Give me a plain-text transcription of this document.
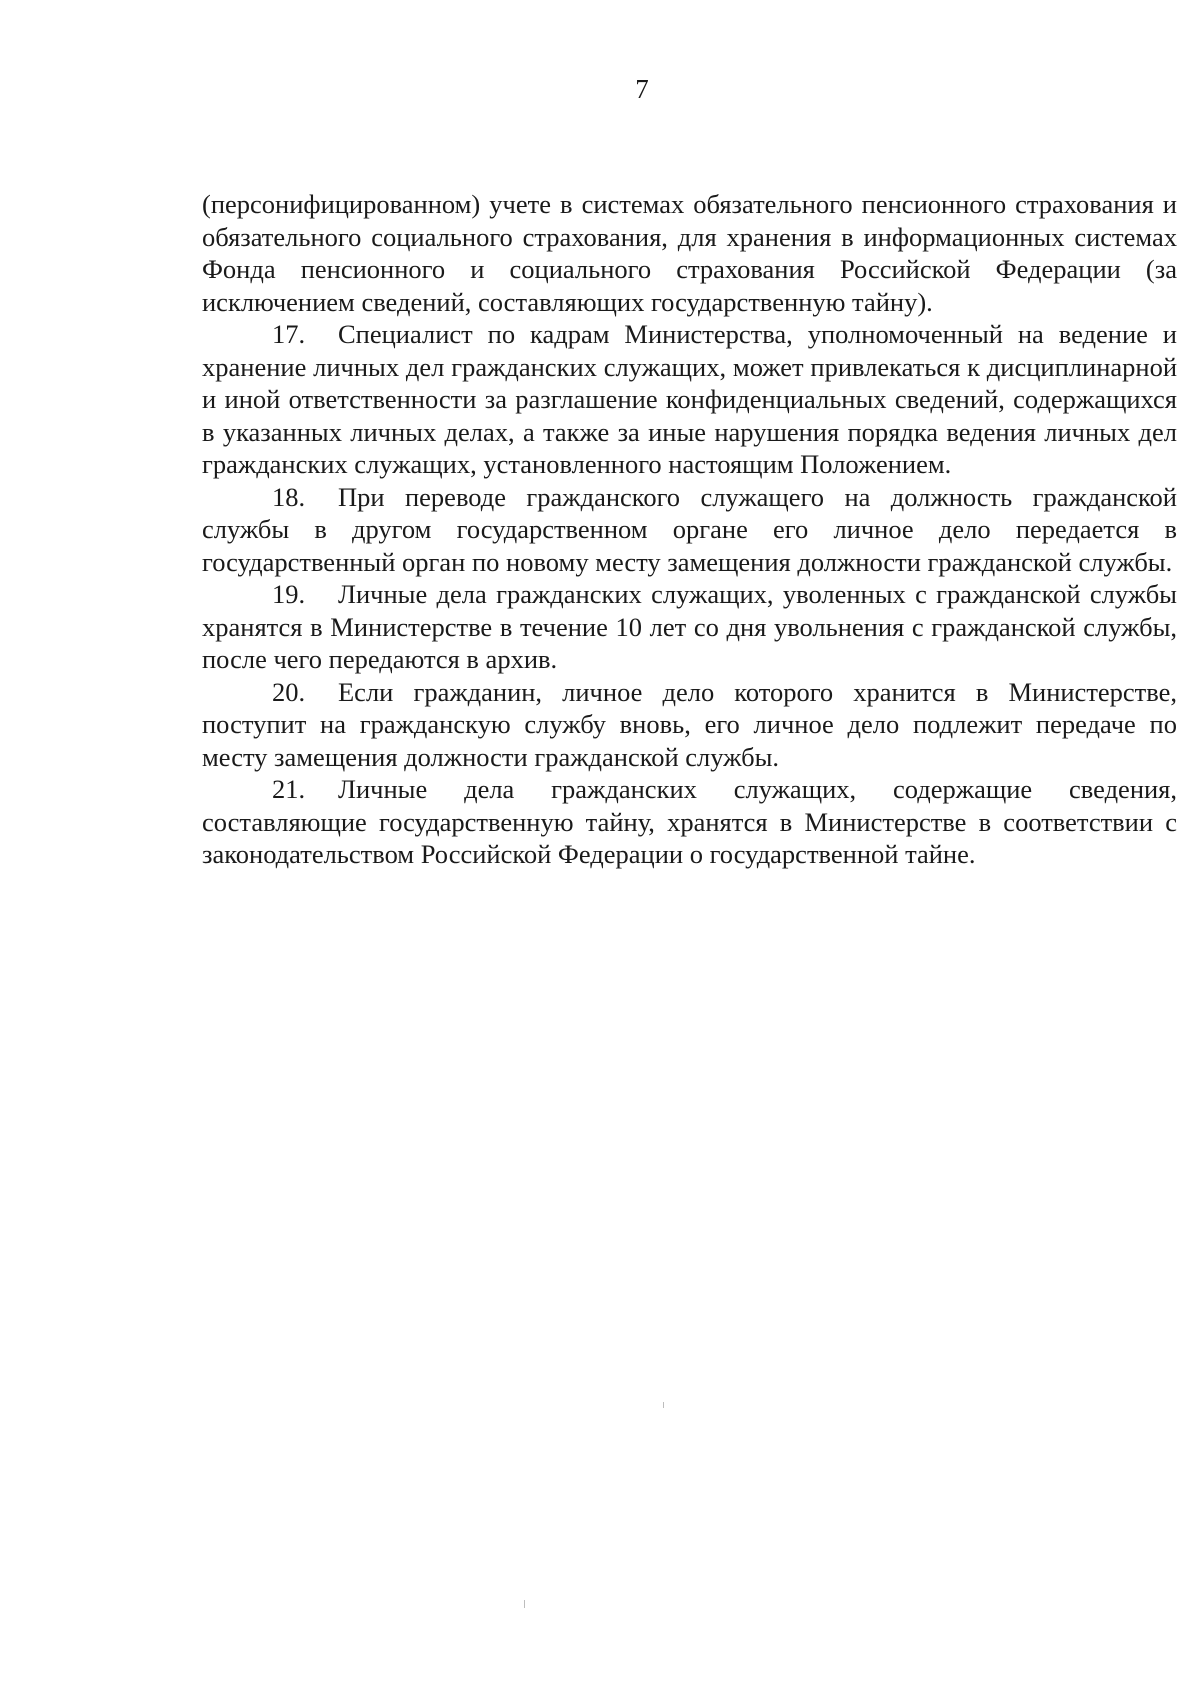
7

(персонифицированном) учете в системах обязательного пенсионного страхования и обязательного социального страхования, для хранения в информационных системах Фонда пенсионного и социального страхования Российской Федерации (за исключением сведений, составляющих государственную тайну).

17. Специалист по кадрам Министерства, уполномоченный на ведение и хранение личных дел гражданских служащих, может привлекаться к дисциплинарной и иной ответственности за разглашение конфиденциальных сведений, содержащихся в указанных личных делах, а также за иные нарушения порядка ведения личных дел гражданских служащих, установленного настоящим Положением.

18. При переводе гражданского служащего на должность гражданской службы в другом государственном органе его личное дело передается в государственный орган по новому месту замещения должности гражданской службы.

19. Личные дела гражданских служащих, уволенных с гражданской службы хранятся в Министерстве в течение 10 лет со дня увольнения с гражданской службы, после чего передаются в архив.

20. Если гражданин, личное дело которого хранится в Министерстве, поступит на гражданскую службу вновь, его личное дело подлежит передаче по месту замещения должности гражданской службы.

21. Личные дела гражданских служащих, содержащие сведения, составляющие государственную тайну, хранятся в Министерстве в соответствии с законодательством Российской Федерации о государственной тайне.
